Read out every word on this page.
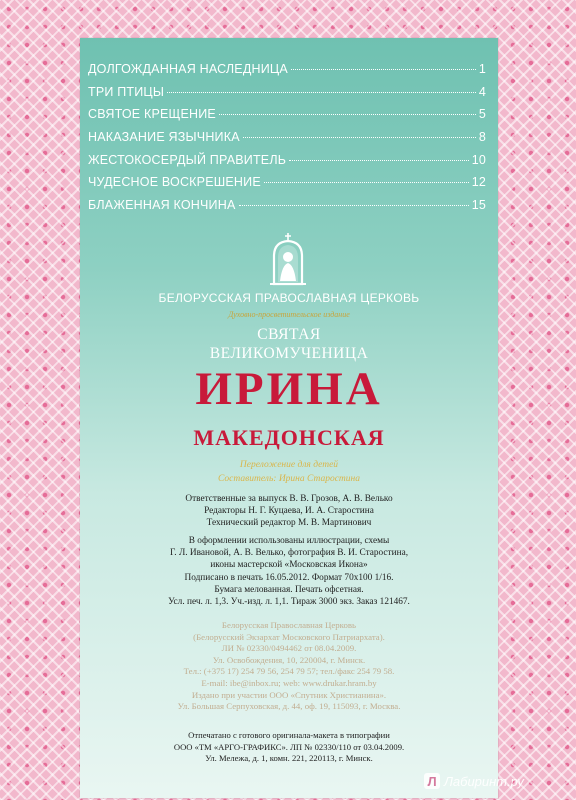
ДОЛГОЖДАННАЯ НАСЛЕДНИЦА	1
ТРИ ПТИЦЫ	4
СВЯТОЕ КРЕЩЕНИЕ	5
НАКАЗАНИЕ ЯЗЫЧНИКА	8
ЖЕСТОКОСЕРДЫЙ ПРАВИТЕЛЬ	10
ЧУДЕСНОЕ ВОСКРЕШЕНИЕ	12
БЛАЖЕННАЯ КОНЧИНА	15
БЕЛОРУССКАЯ ПРАВОСЛАВНАЯ ЦЕРКОВЬ
Духовно-просветительское издание
СВЯТАЯ
ВЕЛИКОМУЧЕНИЦА
ИРИНА
МАКЕДОНСКАЯ
Переложение для детей
Составитель: Ирина Старостина
Ответственные за выпуск В. В. Грозов, А. В. Велько
Редакторы Н. Г. Куцаева, И. А. Старостина
Технический редактор М. В. Мартинович
В оформлении использованы иллюстрации, схемы
Г. Л. Ивановой, А. В. Велько, фотография В. И. Старостина,
иконы мастерской «Московская Икона»
Подписано в печать 16.05.2012. Формат 70х100 1/16.
Бумага мелованная. Печать офсетная.
Усл. печ. л. 1,3. Уч.-изд. л. 1,1. Тираж 3000 экз. Заказ 121467.
Белорусская Православная Церковь
(Белорусский Экзархат Московского Патриархата).
ЛИ № 02330/0494462 от 08.04.2009.
Ул. Освобождения, 10, 220004, г. Минск.
Тел.: (+375 17) 254 79 56, 254 79 57; тел./факс 254 79 58.
E-mail: ibe@inbox.ru; web: www.drukar.hram.by
Издано при участии ООО «Спутник Христианина».
Ул. Большая Серпуховская, д. 44, оф. 19, 115093, г. Москва.
Отпечатано с готового оригинала-макета в типографии
ООО «ТМ «АРГО-ГРАФИКС». ЛП № 02330/110 от 03.04.2009.
Ул. Мележа, д. 1, комн. 221, 220113, г. Минск.
Л Лабиринт.ру
